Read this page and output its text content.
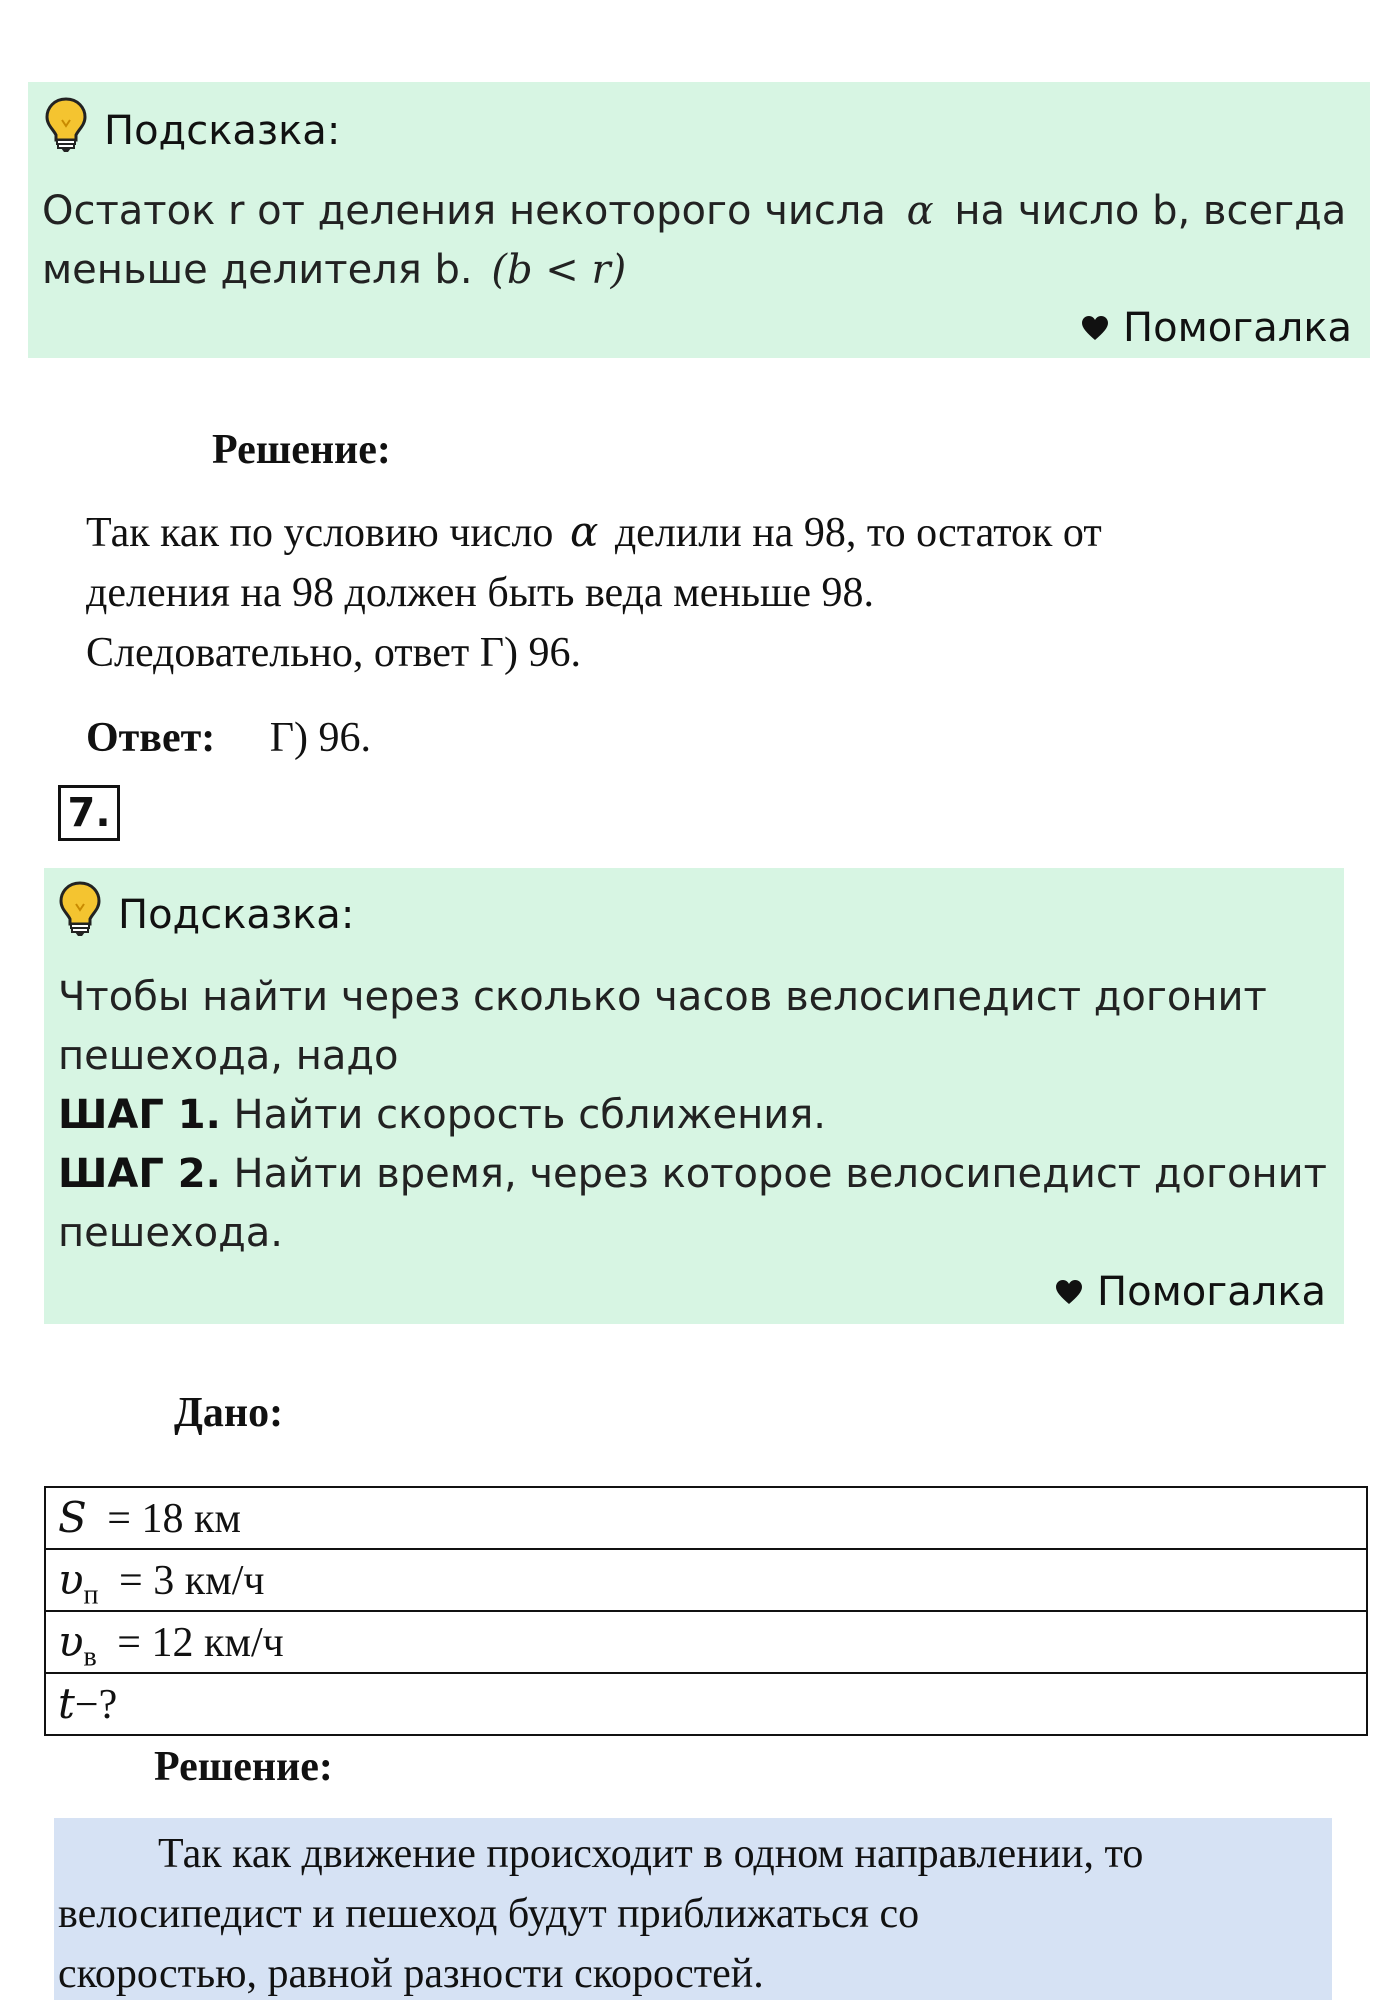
Подсказка:
Остаток r от деления некоторого числа α на число b, всегда
меньше делителя b. (b < r)
Помогалка
Решение:
Так как по условию число α делили на 98, то остаток от
деления на 98 должен быть веда меньше 98.
Следовательно, ответ Г) 96.
Ответ: Г) 96.
7.
Подсказка:
Чтобы найти через сколько часов велосипедист догонит
пешехода, надо
ШАГ 1. Найти скорость сближения.
ШАГ 2. Найти время, через которое велосипедист догонит
пешехода.
Помогалка
Дано:
S = 18 км
$\upsilon_п = 3$ км/ч
$\upsilon_в = 12$ км/ч
t−?
Решение:
Так как движение происходит в одном направлении, то
велосипедист и пешеход будут приближаться со
скоростью, равной разности скоростей.
